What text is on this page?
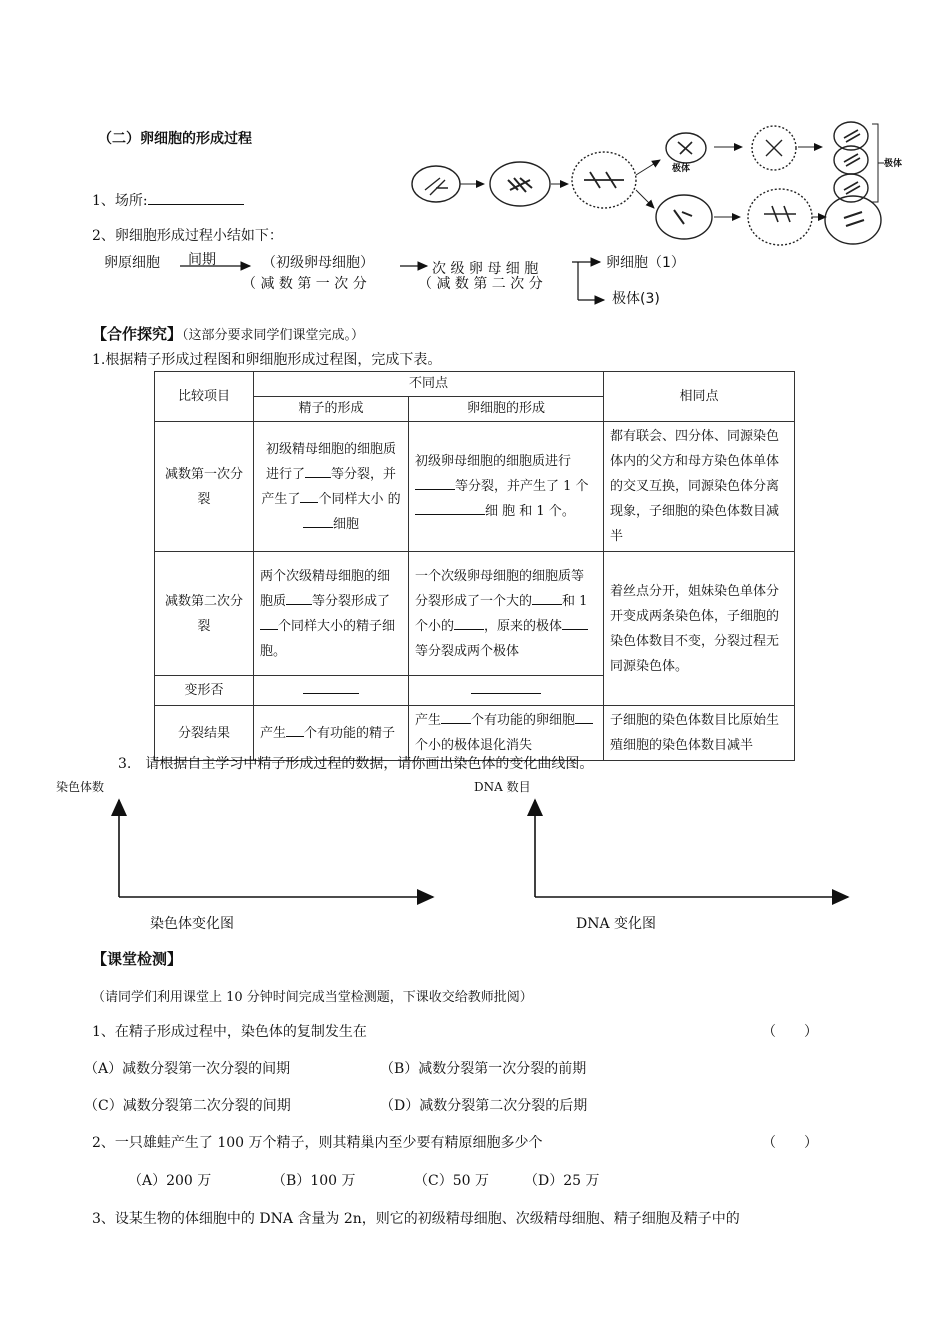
（二）卵细胞的形成过程
1、场所:
2、卵细胞形成过程小结如下：
卵原细胞 间期	（初级卵母细胞）
（ 减 数 第 一 次 分
次 级 卵 母 细 胞
（ 减 数 第 二 次 分
卵细胞（1）
极体(3)
极体	极体
【合作探究】（这部分要求同学们课堂完成。）
1.根据精子形成过程图和卵细胞形成过程图，完成下表。
比较项目	不同点		相同点
	精子的形成	卵细胞的形成	
减数第一次分裂	初级精母细胞的细胞质进行了 等分裂，并产生了 个同样大小 的细胞	初级卵母细胞的细胞质进行等分裂，并产生了 1 个 细 胞 和 1 个。	都有联会、四分体、同源染色体内的父方和母方染色体单体的交叉互换，同源染色体分离现象，子细胞的染色体数目减半
减数第二次分裂	两个次级精母细胞的细胞质 等分裂形成了个同样大小的精子细胞。	一个次级卵母细胞的细胞质等分裂形成了一个大的 和 1 个小的 ，原来的极体等分裂成两个极体	着丝点分开，姐妹染色单体分开变成两条染色体，子细胞的染色体数目不变，分裂过程无同源染色体。
变形否			
分裂结果	产生 个有功能的精子	产生 个有功能的卵细胞个小的极体退化消失	子细胞的染色体数目比原始生殖细胞的染色体数目减半
3.　请根据自主学习中精子形成过程的数据，请你画出染色体的变化曲线图。
染色体数	DNA 数目
染色体变化图	DNA 变化图
【课堂检测】
（请同学们利用课堂上 10 分钟时间完成当堂检测题，下课收交给教师批阅）
1、在精子形成过程中，染色体的复制发生在	（　　）
（A）减数分裂第一次分裂的间期	（B）减数分裂第一次分裂的前期
（C）减数分裂第二次分裂的间期	（D）减数分裂第二次分裂的后期
2、一只雄蛙产生了 100 万个精子，则其精巢内至少要有精原细胞多少个	（　　）
（A）200 万	（B）100 万	（C）50 万	（D）25 万
3、设某生物的体细胞中的 DNA 含量为 2n，则它的初级精母细胞、次级精母细胞、精子细胞及精子中的
